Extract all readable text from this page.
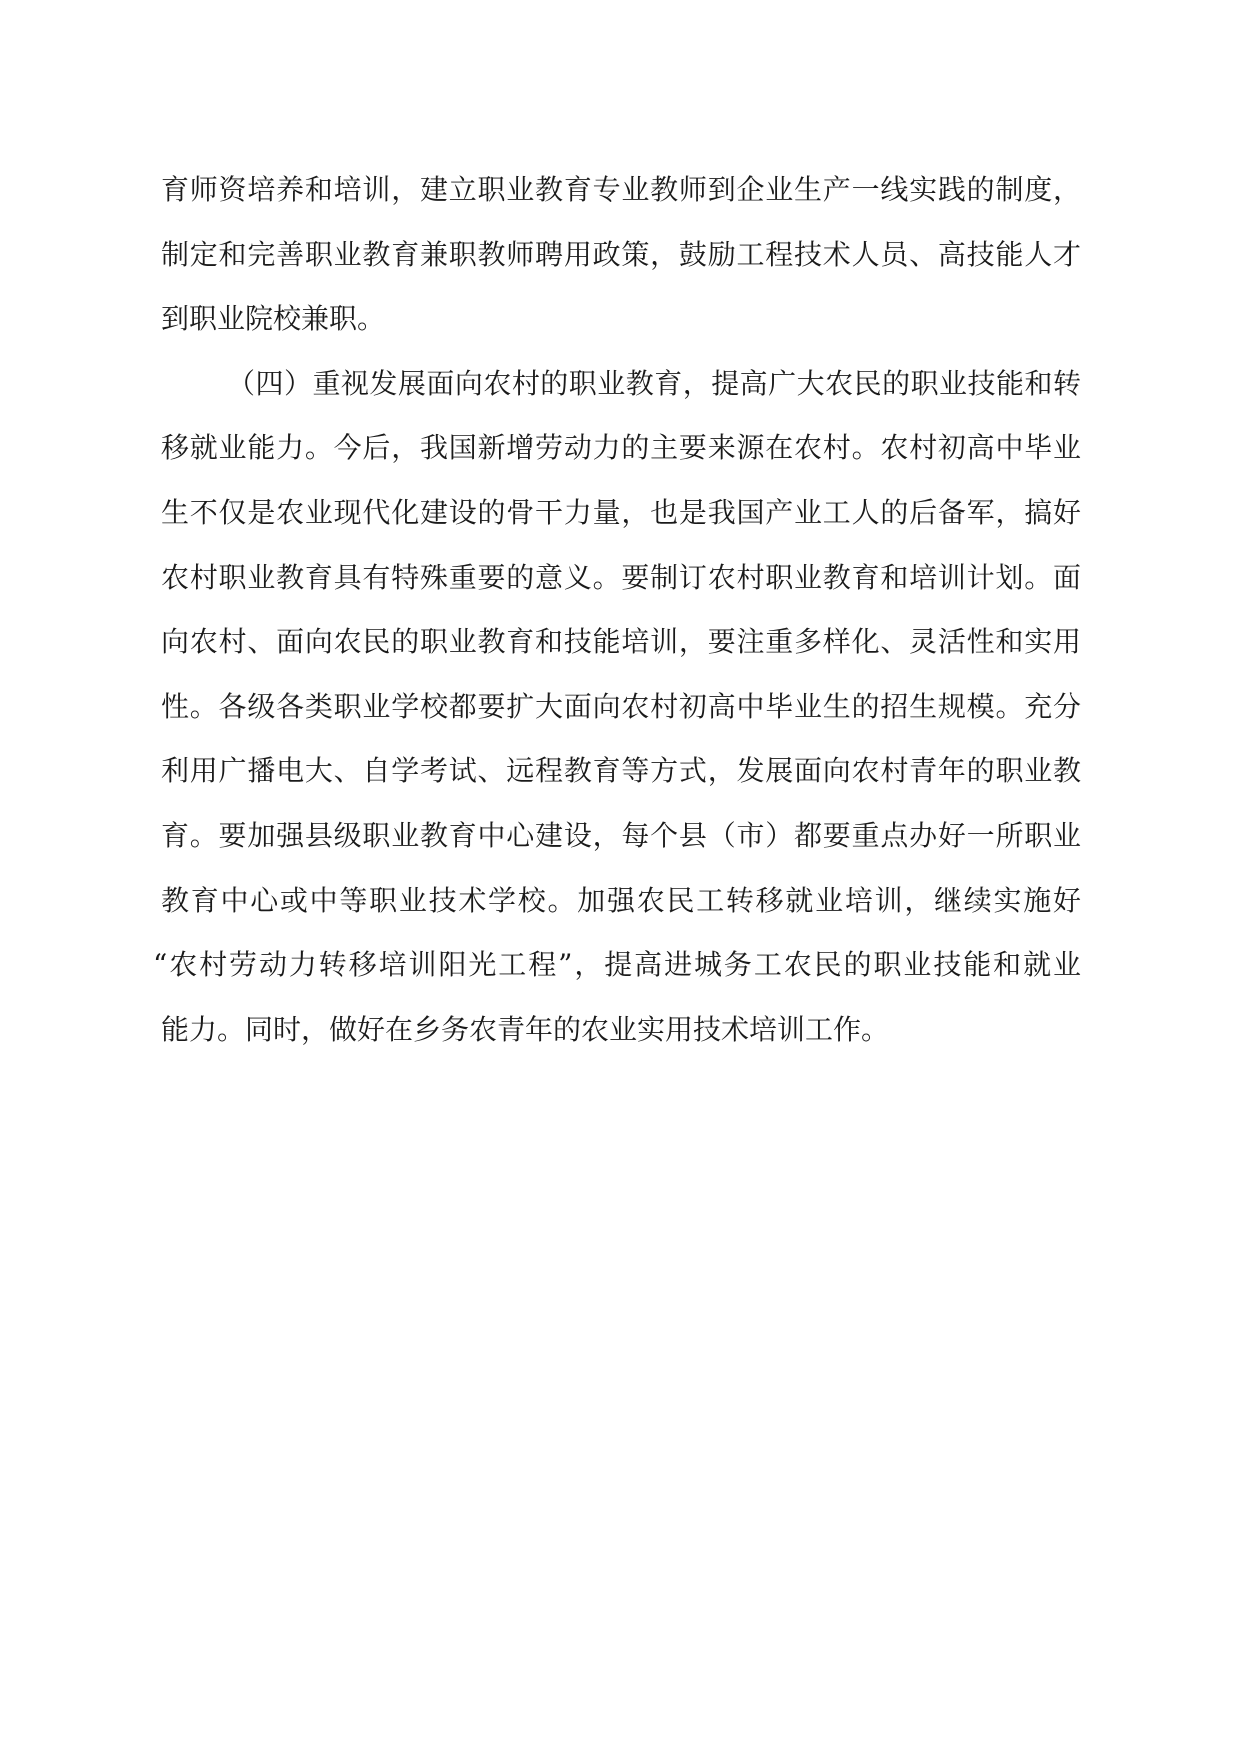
育师资培养和培训，建立职业教育专业教师到企业生产一线实践的制度，
制定和完善职业教育兼职教师聘用政策，鼓励工程技术人员、高技能人才
到职业院校兼职。
（四）重视发展面向农村的职业教育，提高广大农民的职业技能和转
移就业能力。今后，我国新增劳动力的主要来源在农村。农村初高中毕业
生不仅是农业现代化建设的骨干力量，也是我国产业工人的后备军，搞好
农村职业教育具有特殊重要的意义。要制订农村职业教育和培训计划。面
向农村、面向农民的职业教育和技能培训，要注重多样化、灵活性和实用
性。各级各类职业学校都要扩大面向农村初高中毕业生的招生规模。充分
利用广播电大、自学考试、远程教育等方式，发展面向农村青年的职业教
育。要加强县级职业教育中心建设，每个县（市）都要重点办好一所职业
教育中心或中等职业技术学校。加强农民工转移就业培训，继续实施好
“农村劳动力转移培训阳光工程”，提高进城务工农民的职业技能和就业
能力。同时，做好在乡务农青年的农业实用技术培训工作。
